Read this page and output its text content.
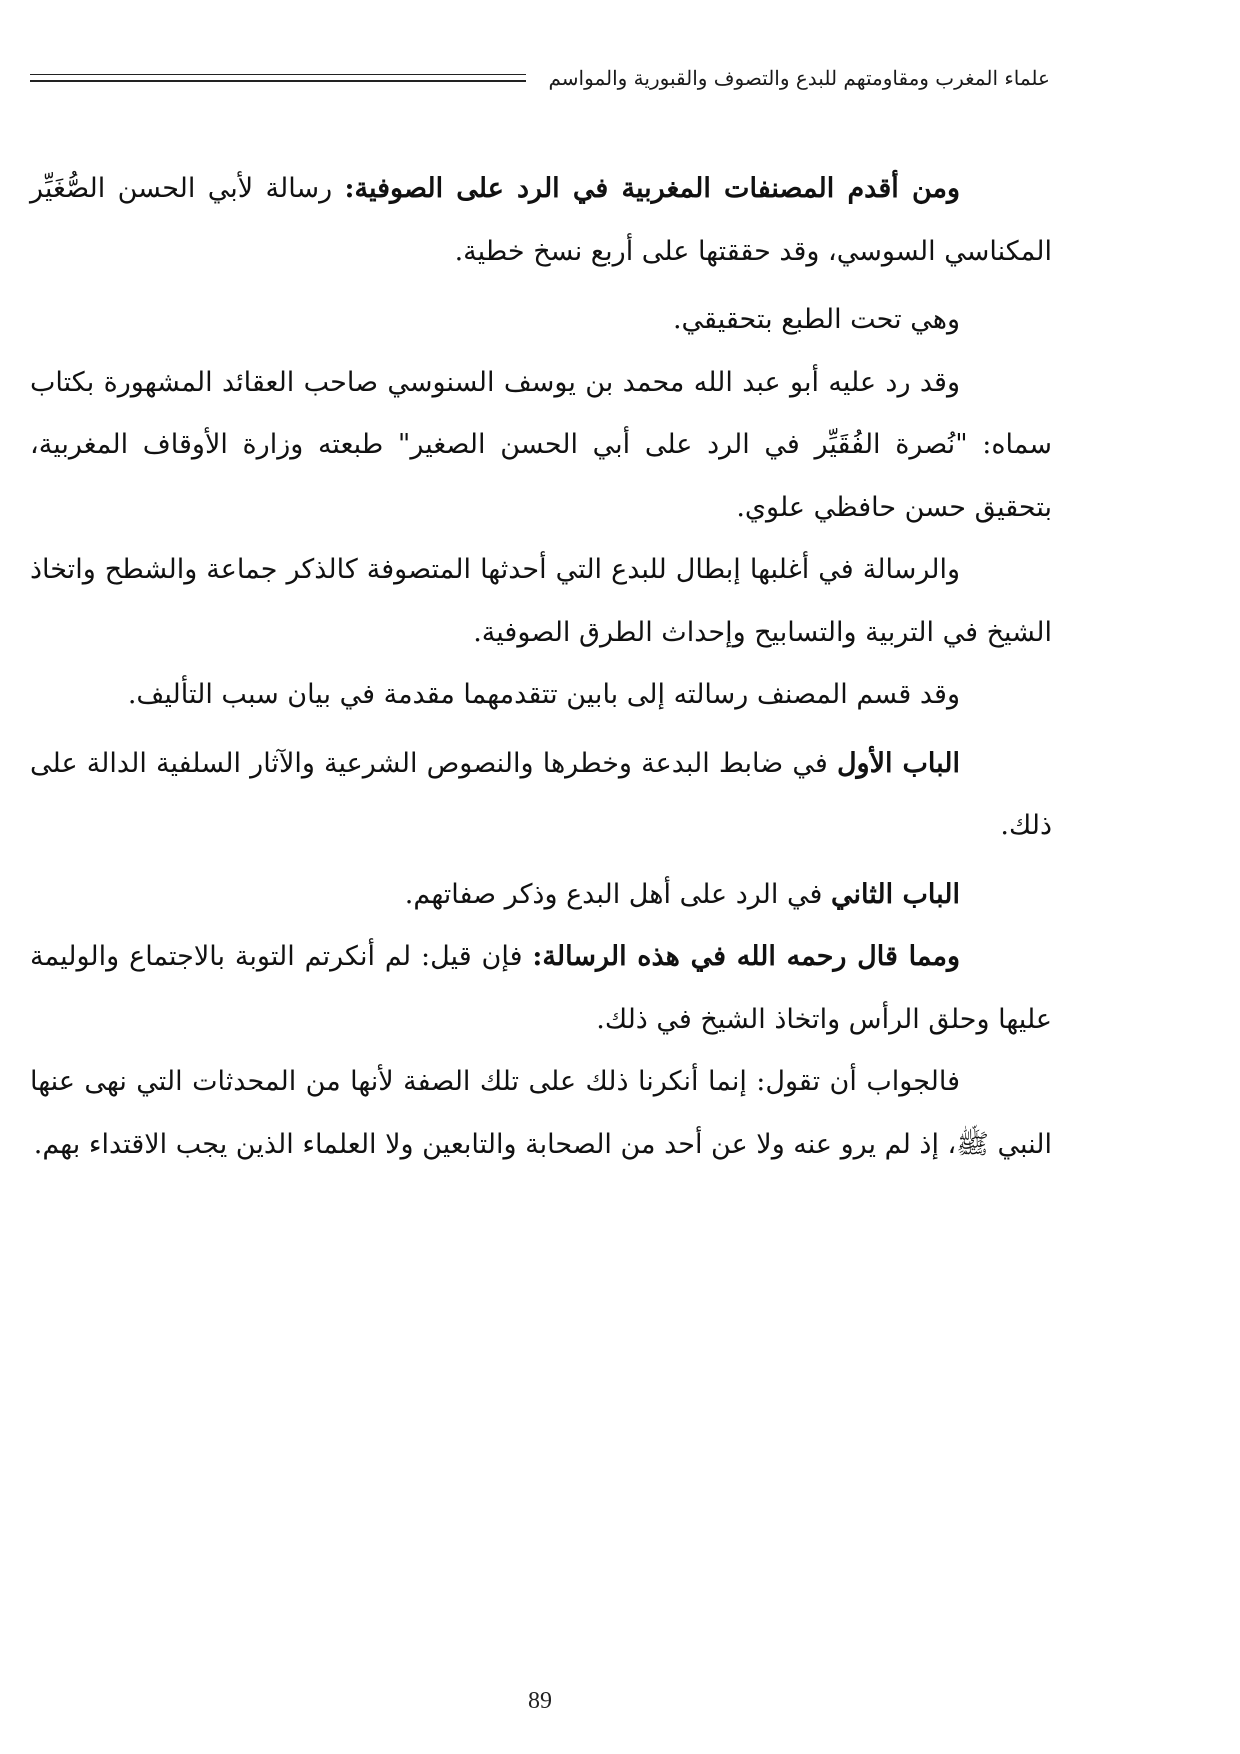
علماء المغرب ومقاومتهم للبدع والتصوف والقبورية والمواسم

ومن أقدم المصنفات المغربية في الرد على الصوفية: رسالة لأبي الحسن الصُّغَيِّر المكناسي السوسي، وقد حققتها على أربع نسخ خطية.

وهي تحت الطبع بتحقيقي.

وقد رد عليه أبو عبد الله محمد بن يوسف السنوسي صاحب العقائد المشهورة بكتاب سماه: "نُصرة الفُقَيِّر في الرد على أبي الحسن الصغير" طبعته وزارة الأوقاف المغربية، بتحقيق حسن حافظي علوي.

والرسالة في أغلبها إبطال للبدع التي أحدثها المتصوفة كالذكر جماعة والشطح واتخاذ الشيخ في التربية والتسابيح وإحداث الطرق الصوفية.

وقد قسم المصنف رسالته إلى بابين تتقدمهما مقدمة في بيان سبب التأليف.

الباب الأول في ضابط البدعة وخطرها والنصوص الشرعية والآثار السلفية الدالة على ذلك.

الباب الثاني في الرد على أهل البدع وذكر صفاتهم.

ومما قال رحمه الله في هذه الرسالة: فإن قيل: لم أنكرتم التوبة بالاجتماع والوليمة عليها وحلق الرأس واتخاذ الشيخ في ذلك.

فالجواب أن تقول: إنما أنكرنا ذلك على تلك الصفة لأنها من المحدثات التي نهى عنها النبي ﷺ، إذ لم يرو عنه ولا عن أحد من الصحابة والتابعين ولا العلماء الذين يجب الاقتداء بهم.

89
